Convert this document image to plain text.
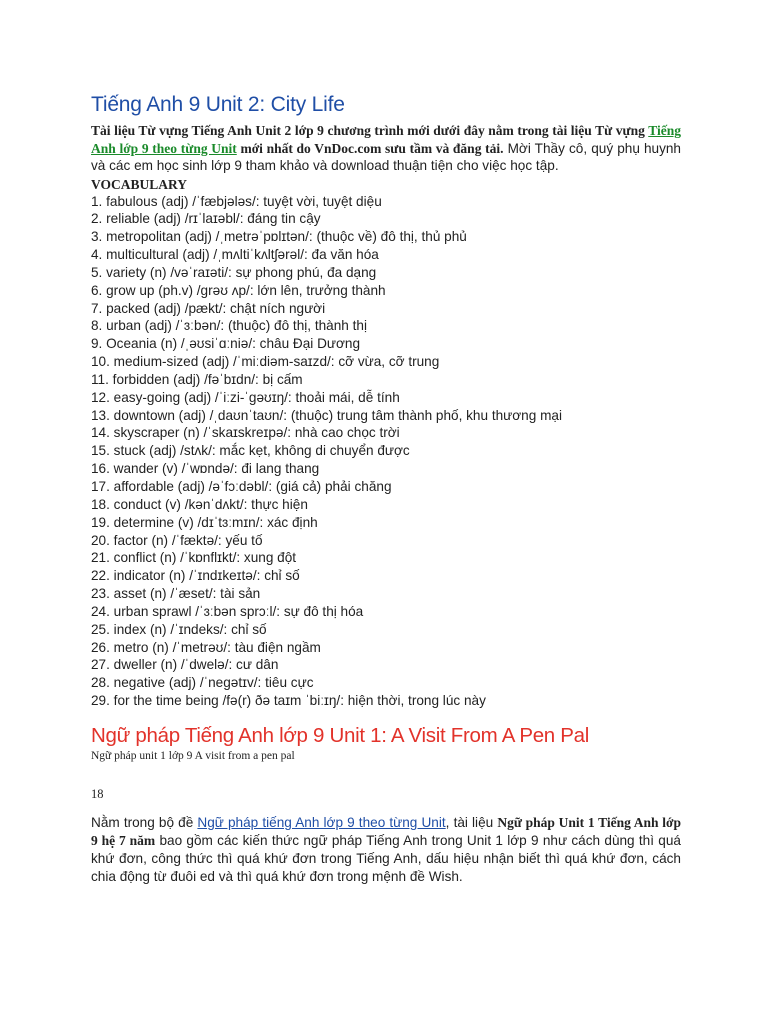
Tiếng Anh 9 Unit 2: City Life

Tài liệu Từ vựng Tiếng Anh Unit 2 lớp 9 chương trình mới dưới đây nằm trong tài liệu Từ vựng Tiếng Anh lớp 9 theo từng Unit mới nhất do VnDoc.com sưu tầm và đăng tải. Mời Thầy cô, quý phụ huynh và các em học sinh lớp 9 tham khảo và download thuận tiện cho việc học tập.

VOCABULARY
1. fabulous (adj) /ˈfæbjələs/: tuyệt vời, tuyệt diệu
2. reliable (adj) /rɪˈlaɪəbl/: đáng tin cậy
3. metropolitan (adj) /ˌmetrəˈpɒlɪtən/: (thuộc về) đô thị, thủ phủ
4. multicultural (adj) /ˌmʌltiˈkʌltʃərəl/: đa văn hóa
5. variety (n) /vəˈraɪəti/: sự phong phú, đa dạng
6. grow up (ph.v) /ɡrəʊ ʌp/: lớn lên, trưởng thành
7. packed (adj) /pækt/: chật ních người
8. urban (adj) /ˈɜːbən/: (thuộc) đô thị, thành thị
9. Oceania (n) /ˌəʊsiˈɑːniə/: châu Đại Dương
10. medium-sized (adj) /ˈmiːdiəm-saɪzd/: cỡ vừa, cỡ trung
11. forbidden (adj) /fəˈbɪdn/: bị cấm
12. easy-going (adj) /ˈiːzi-ˈɡəʊɪŋ/: thoải mái, dễ tính
13. downtown (adj) /ˌdaʊnˈtaʊn/: (thuộc) trung tâm thành phố, khu thương mại
14. skyscraper (n) /ˈskaɪskreɪpə/: nhà cao chọc trời
15. stuck (adj) /stʌk/: mắc kẹt, không di chuyển được
16. wander (v) /ˈwɒndə/: đi lang thang
17. affordable (adj) /əˈfɔːdəbl/: (giá cả) phải chăng
18. conduct (v) /kənˈdʌkt/: thực hiện
19. determine (v) /dɪˈtɜːmɪn/: xác định
20. factor (n) /ˈfæktə/: yếu tố
21. conflict (n) /ˈkɒnflɪkt/: xung đột
22. indicator (n) /ˈɪndɪkeɪtə/: chỉ số
23. asset (n) /ˈæset/: tài sản
24. urban sprawl /ˈɜːbən sprɔːl/: sự đô thị hóa
25. index (n) /ˈɪndeks/: chỉ số
26. metro (n) /ˈmetrəʊ/: tàu điện ngầm
27. dweller (n) /ˈdwelə/: cư dân
28. negative (adj) /ˈneɡətɪv/: tiêu cực
29. for the time being /fə(r) ðə taɪm ˈbiːɪŋ/: hiện thời, trong lúc này
Ngữ pháp Tiếng Anh lớp 9 Unit 1: A Visit From A Pen Pal

Ngữ pháp unit 1 lớp 9 A visit from a pen pal

18

Nằm trong bộ đề Ngữ pháp tiếng Anh lớp 9 theo từng Unit, tài liệu Ngữ pháp Unit 1 Tiếng Anh lớp 9 hệ 7 năm bao gồm các kiến thức ngữ pháp Tiếng Anh trong Unit 1 lớp 9 như cách dùng thì quá khứ đơn, công thức thì quá khứ đơn trong Tiếng Anh, dấu hiệu nhận biết thì quá khứ đơn, cách chia động từ đuôi ed và thì quá khứ đơn trong mệnh đề Wish.
